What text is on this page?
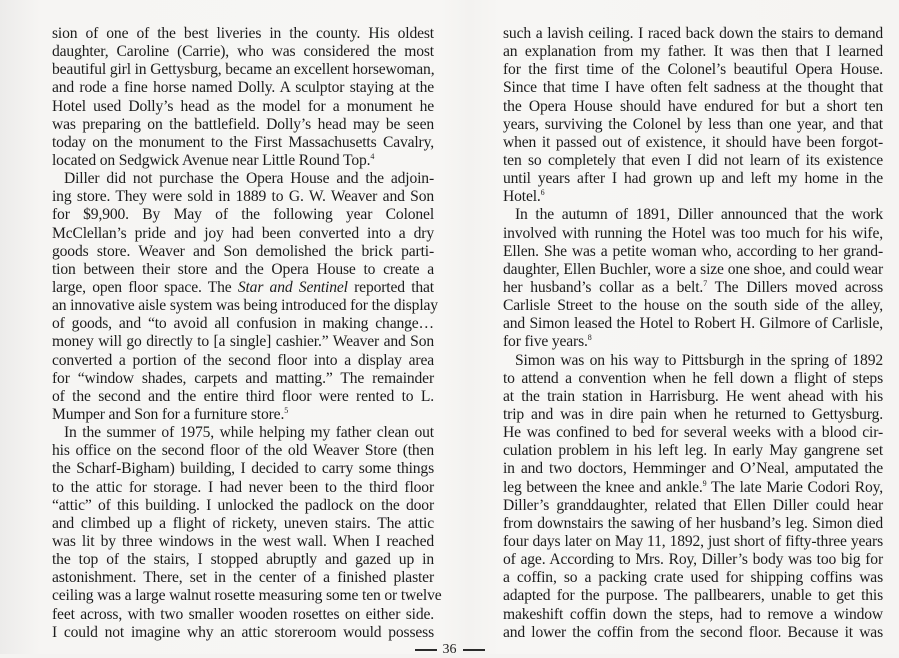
sion of one of the best liveries in the county. His oldest
daughter, Caroline (Carrie), who was considered the most
beautiful girl in Gettysburg, became an excellent horsewoman,
and rode a fine horse named Dolly. A sculptor staying at the
Hotel used Dolly’s head as the model for a monument he
was preparing on the battlefield. Dolly’s head may be seen
today on the monument to the First Massachusetts Cavalry,
located on Sedgwick Avenue near Little Round Top.$^4$
Diller did not purchase the Opera House and the adjoin-
ing store. They were sold in 1889 to G. W. Weaver and Son
for $9,900. By May of the following year Colonel
McClellan’s pride and joy had been converted into a dry
goods store. Weaver and Son demolished the brick parti-
tion between their store and the Opera House to create a
large, open floor space. The Star and Sentinel reported that
an innovative aisle system was being introduced for the display
of goods, and “to avoid all confusion in making change…
money will go directly to [a single] cashier.” Weaver and Son
converted a portion of the second floor into a display area
for “window shades, carpets and matting.” The remainder
of the second and the entire third floor were rented to L.
Mumper and Son for a furniture store.$^5$
In the summer of 1975, while helping my father clean out
his office on the second floor of the old Weaver Store (then
the Scharf-Bigham) building, I decided to carry some things
to the attic for storage. I had never been to the third floor
“attic” of this building. I unlocked the padlock on the door
and climbed up a flight of rickety, uneven stairs. The attic
was lit by three windows in the west wall. When I reached
the top of the stairs, I stopped abruptly and gazed up in
astonishment. There, set in the center of a finished plaster
ceiling was a large walnut rosette measuring some ten or twelve
feet across, with two smaller wooden rosettes on either side.
I could not imagine why an attic storeroom would possess
such a lavish ceiling. I raced back down the stairs to demand
an explanation from my father. It was then that I learned
for the first time of the Colonel’s beautiful Opera House.
Since that time I have often felt sadness at the thought that
the Opera House should have endured for but a short ten
years, surviving the Colonel by less than one year, and that
when it passed out of existence, it should have been forgot-
ten so completely that even I did not learn of its existence
until years after I had grown up and left my home in the
Hotel.$^6$
In the autumn of 1891, Diller announced that the work
involved with running the Hotel was too much for his wife,
Ellen. She was a petite woman who, according to her grand-
daughter, Ellen Buchler, wore a size one shoe, and could wear
her husband’s collar as a belt.$^7$ The Dillers moved across
Carlisle Street to the house on the south side of the alley,
and Simon leased the Hotel to Robert H. Gilmore of Carlisle,
for five years.$^8$
Simon was on his way to Pittsburgh in the spring of 1892
to attend a convention when he fell down a flight of steps
at the train station in Harrisburg. He went ahead with his
trip and was in dire pain when he returned to Gettysburg.
He was confined to bed for several weeks with a blood cir-
culation problem in his left leg. In early May gangrene set
in and two doctors, Hemminger and O’Neal, amputated the
leg between the knee and ankle.$^9$ The late Marie Codori Roy,
Diller’s granddaughter, related that Ellen Diller could hear
from downstairs the sawing of her husband’s leg. Simon died
four days later on May 11, 1892, just short of fifty-three years
of age. According to Mrs. Roy, Diller’s body was too big for
a coffin, so a packing crate used for shipping coffins was
adapted for the purpose. The pallbearers, unable to get this
makeshift coffin down the steps, had to remove a window
and lower the coffin from the second floor. Because it was
36
